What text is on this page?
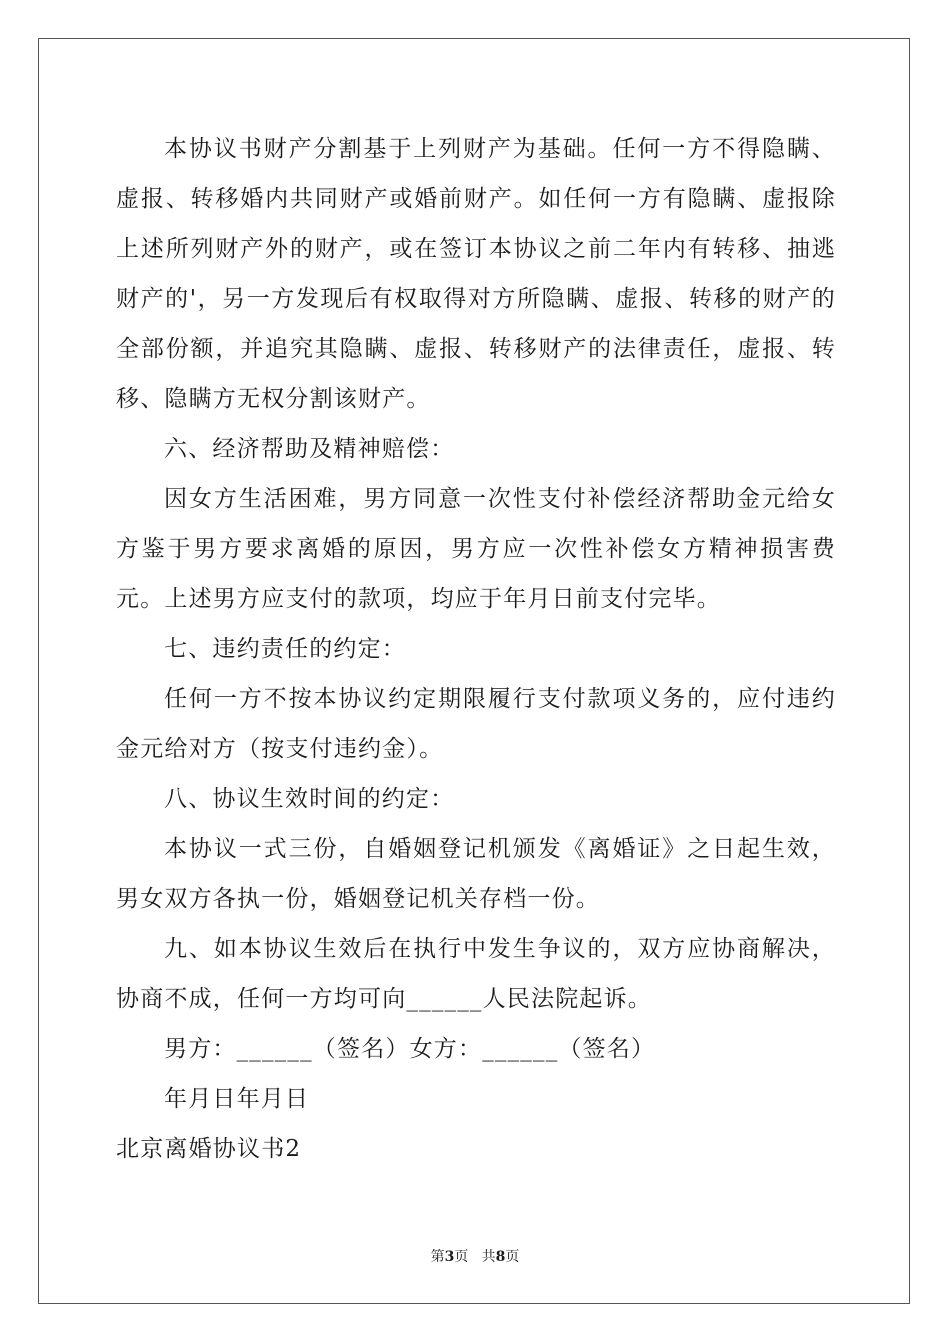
本协议书财产分割基于上列财产为基础。任何一方不得隐瞒、虚报、转移婚内共同财产或婚前财产。如任何一方有隐瞒、虚报除上述所列财产外的财产，或在签订本协议之前二年内有转移、抽逃财产的'，另一方发现后有权取得对方所隐瞒、虚报、转移的财产的全部份额，并追究其隐瞒、虚报、转移财产的法律责任，虚报、转移、隐瞒方无权分割该财产。

六、经济帮助及精神赔偿：

因女方生活困难，男方同意一次性支付补偿经济帮助金元给女方鉴于男方要求离婚的原因，男方应一次性补偿女方精神损害费元。上述男方应支付的款项，均应于年月日前支付完毕。

七、违约责任的约定：

任何一方不按本协议约定期限履行支付款项义务的，应付违约金元给对方（按支付违约金）。

八、协议生效时间的约定：

本协议一式三份，自婚姻登记机颁发《离婚证》之日起生效，男女双方各执一份，婚姻登记机关存档一份。

九、如本协议生效后在执行中发生争议的，双方应协商解决，协商不成，任何一方均可向______人民法院起诉。

男方：______（签名）女方：______（签名）

年月日年月日

北京离婚协议书2

第3页 共8页
